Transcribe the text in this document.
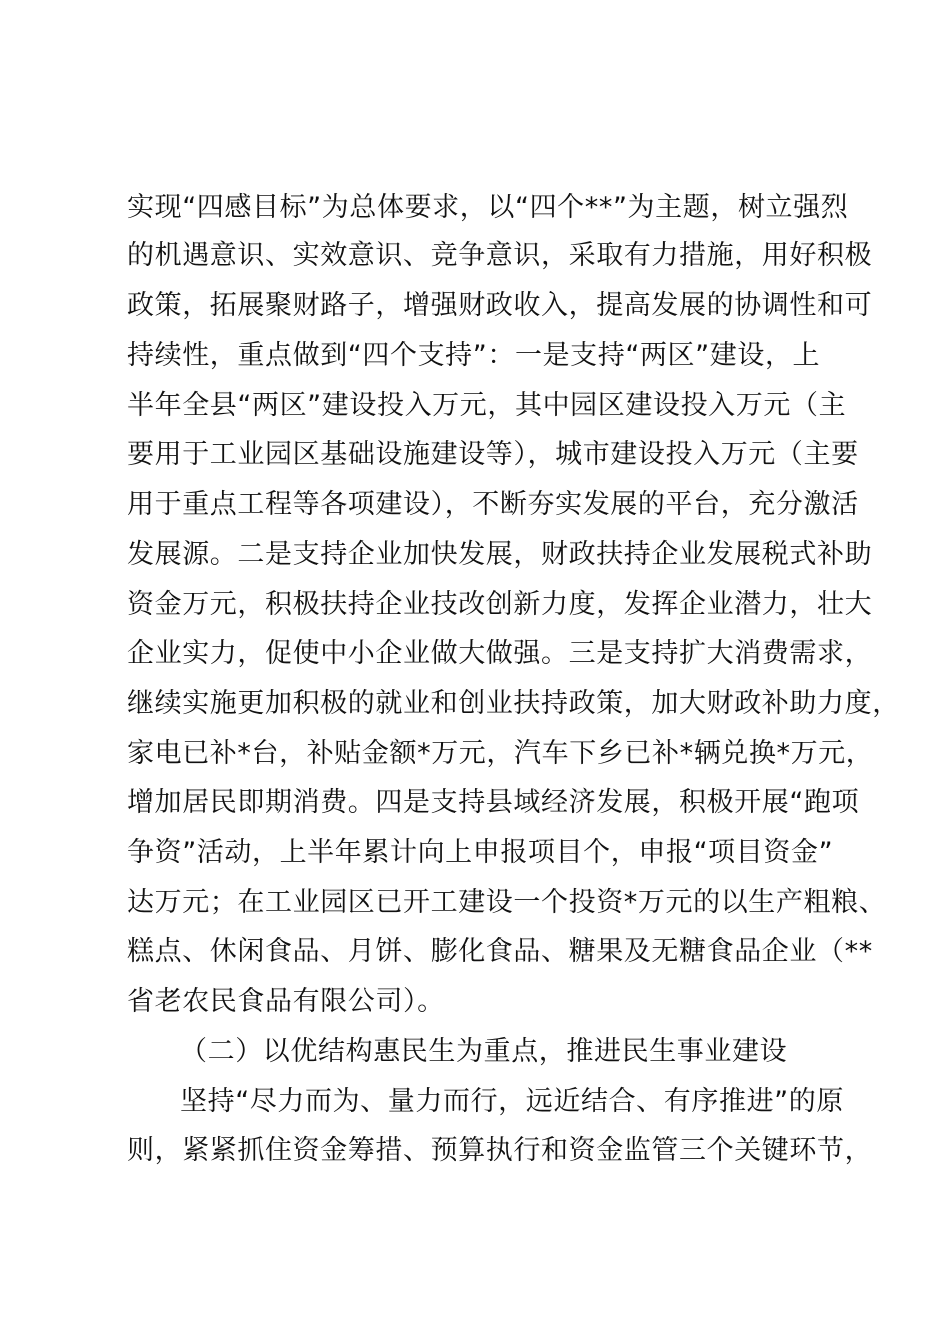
实现“四感目标”为总体要求，以“四个**”为主题，树立强烈
的机遇意识、实效意识、竞争意识，采取有力措施，用好积极
政策，拓展聚财路子，增强财政收入，提高发展的协调性和可
持续性，重点做到“四个支持”：一是支持“两区”建设，上
半年全县“两区”建设投入万元，其中园区建设投入万元（主
要用于工业园区基础设施建设等），城市建设投入万元（主要
用于重点工程等各项建设），不断夯实发展的平台，充分激活
发展源。二是支持企业加快发展，财政扶持企业发展税式补助
资金万元，积极扶持企业技改创新力度，发挥企业潜力，壮大
企业实力，促使中小企业做大做强。三是支持扩大消费需求，
继续实施更加积极的就业和创业扶持政策，加大财政补助力度，
家电已补*台，补贴金额*万元，汽车下乡已补*辆兑换*万元，
增加居民即期消费。四是支持县域经济发展，积极开展“跑项
争资”活动，上半年累计向上申报项目个，申报“项目资金”
达万元；在工业园区已开工建设一个投资*万元的以生产粗粮、
糕点、休闲食品、月饼、膨化食品、糖果及无糖食品企业（**
省老农民食品有限公司）。
（二）以优结构惠民生为重点，推进民生事业建设
坚持“尽力而为、量力而行，远近结合、有序推进”的原
则，紧紧抓住资金筹措、预算执行和资金监管三个关键环节，
